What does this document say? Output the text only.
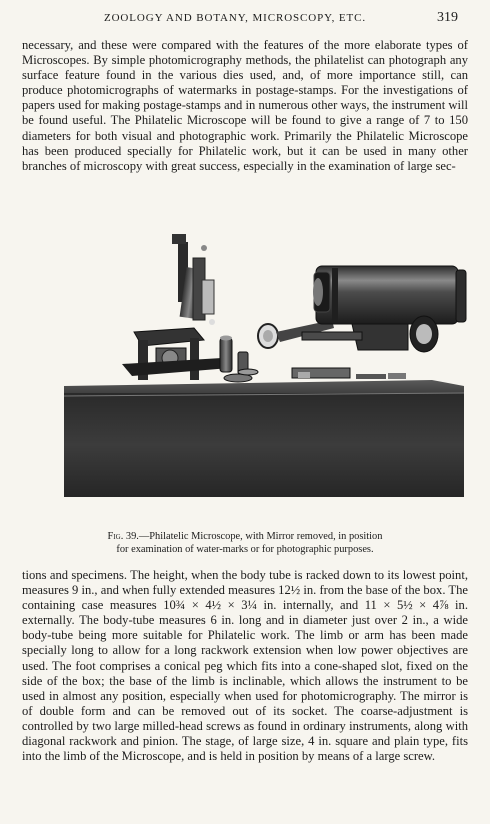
ZOOLOGY AND BOTANY, MICROSCOPY, ETC.	319

necessary, and these were compared with the features of the more elaborate types of Microscopes. By simple photomicrography methods, the philatelist can photograph any surface feature found in the various dies used, and, of more importance still, can produce photomicrographs of watermarks in postage-stamps. For the investigations of papers used for making postage-stamps and in numerous other ways, the instrument will be found useful. The Philatelic Microscope will be found to give a range of 7 to 150 diameters for both visual and photographic work. Primarily the Philatelic Microscope has been produced specially for Philatelic work, but it can be used in many other branches of microscopy with great success, especially in the examination of large sec-

Fig. 39.—Philatelic Microscope, with Mirror removed, in position
for examination of water-marks or for photographic purposes.

tions and specimens. The height, when the body tube is racked down to its lowest point, measures 9 in., and when fully extended measures 12½ in. from the base of the box. The containing case measures 10¾ × 4½ × 3¼ in. internally, and 11 × 5½ × 4⅞ in. externally. The body-tube measures 6 in. long and in diameter just over 2 in., a wide body-tube being more suitable for Philatelic work. The limb or arm has been made specially long to allow for a long rackwork extension when low power objectives are used. The foot comprises a conical peg which fits into a cone-shaped slot, fixed on the side of the box; the base of the limb is inclinable, which allows the instrument to be used in almost any position, especially when used for photomicrography. The mirror is of double form and can be removed out of its socket. The coarse-adjustment is controlled by two large milled-head screws as found in ordinary instruments, along with diagonal rackwork and pinion. The stage, of large size, 4 in. square and plain type, fits into the limb of the Microscope, and is held in position by means of a large screw.
